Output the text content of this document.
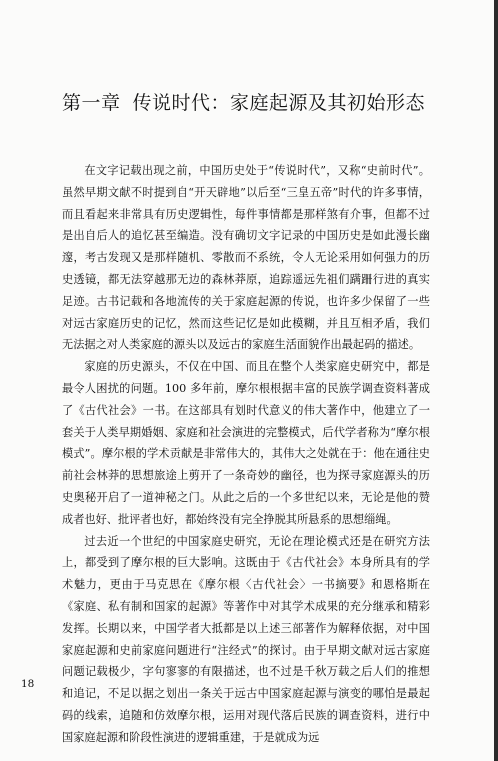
第一章 传说时代：家庭起源及其初始形态

在文字记载出现之前，中国历史处于“传说时代”，又称“史前时代”。虽然早期文献不时提到自“开天辟地”以后至“三皇五帝”时代的许多事情，而且看起来非常具有历史逻辑性，每件事情都是那样煞有介事，但都不过是出自后人的追忆甚至编造。没有确切文字记录的中国历史是如此漫长幽邃，考古发现又是那样随机、零散而不系统，令人无论采用如何强力的历史透镜，都无法穿越那无边的森林莽原，追踪遥远先祖们蹒跚行进的真实足迹。古书记载和各地流传的关于家庭起源的传说，也许多少保留了一些对远古家庭历史的记忆，然而这些记忆是如此模糊，并且互相矛盾，我们无法据之对人类家庭的源头以及远古的家庭生活面貌作出最起码的描述。

家庭的历史源头，不仅在中国、而且在整个人类家庭史研究中，都是最令人困扰的问题。100 多年前，摩尔根根据丰富的民族学调查资料著成了《古代社会》一书。在这部具有划时代意义的伟大著作中，他建立了一套关于人类早期婚姻、家庭和社会演进的完整模式，后代学者称为“摩尔根模式”。摩尔根的学术贡献是非常伟大的，其伟大之处就在于：他在通往史前社会林莽的思想旅途上剪开了一条奇妙的幽径，也为探寻家庭源头的历史奥秘开启了一道神秘之门。从此之后的一个多世纪以来，无论是他的赞成者也好、批评者也好，都始终没有完全挣脱其所悬系的思想缁绳。

过去近一个世纪的中国家庭史研究，无论在理论模式还是在研究方法上，都受到了摩尔根的巨大影响。这既由于《古代社会》本身所具有的学术魅力，更由于马克思在《摩尔根〈古代社会〉一书摘要》和恩格斯在《家庭、私有制和国家的起源》等著作中对其学术成果的充分继承和精彩发挥。长期以来，中国学者大抵都是以上述三部著作为解释依据，对中国家庭起源和史前家庭问题进行“注经式”的探讨。由于早期文献对远古家庭问题记载极少，字句寥寥的有限描述，也不过是千秋万载之后人们的推想和追记，不足以据之划出一条关于远古中国家庭起源与演变的哪怕是最起码的线索，追随和仿效摩尔根，运用对现代落后民族的调查资料，进行中国家庭起源和阶段性演进的逻辑重建，于是就成为远

18
